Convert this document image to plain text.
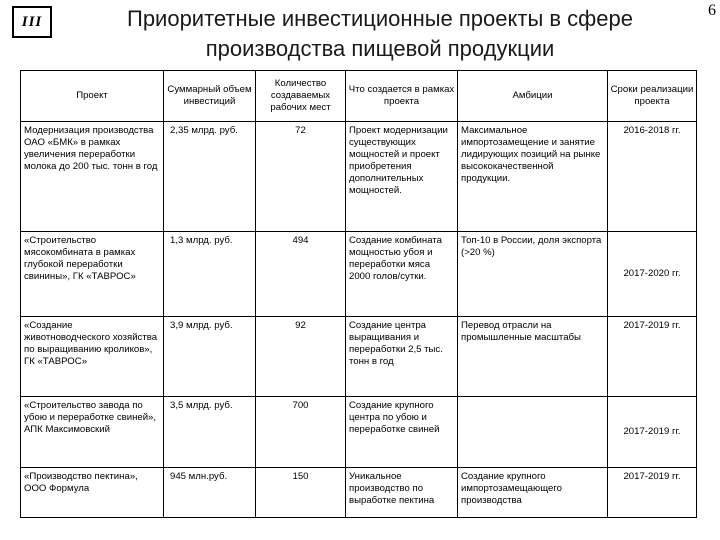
III	Приоритетные инвестиционные проекты в сфере производства пищевой продукции
6
Проект	Суммарный объем инвестиций	Количество создаваемых рабочих мест	Что создается в рамках проекта	Амбиции	Сроки реализации проекта
Модернизация производства ОАО «БМК» в рамках увеличения переработки молока до 200 тыс. тонн в год	2,35 млрд. руб.	72	Проект модернизации существующих мощностей и проект приобретения дополнительных мощностей.	Максимальное импортозамещение и занятие лидирующих позиций на рынке высококачественной продукции.	2016-2018 гг.
«Строительство мясокомбината в рамках глубокой переработки свинины», ГК «ТАВРОС»	1,3 млрд. руб.	494	Создание комбината мощностью убоя и переработки мяса 2000 голов/сутки.	Топ-10 в России, доля экспорта (>20 %)	2017-2020 гг.
«Создание животноводческого хозяйства по выращиванию кроликов», ГК «ТАВРОС»	3,9 млрд. руб.	92	Создание центра выращивания и переработки 2,5 тыс. тонн в год	Перевод отрасли на промышленные масштабы	2017-2019 гг.
«Строительство завода по убою и переработке свиней», АПК Максимовский	3,5 млрд. руб.	700	Создание крупного центра по убою и переработке свиней		2017-2019 гг.
«Производство пектина», ООО Формула	945 млн.руб.	150	Уникальное производство по выработке пектина	Создание крупного импортозамещающего производства	2017-2019 гг.
